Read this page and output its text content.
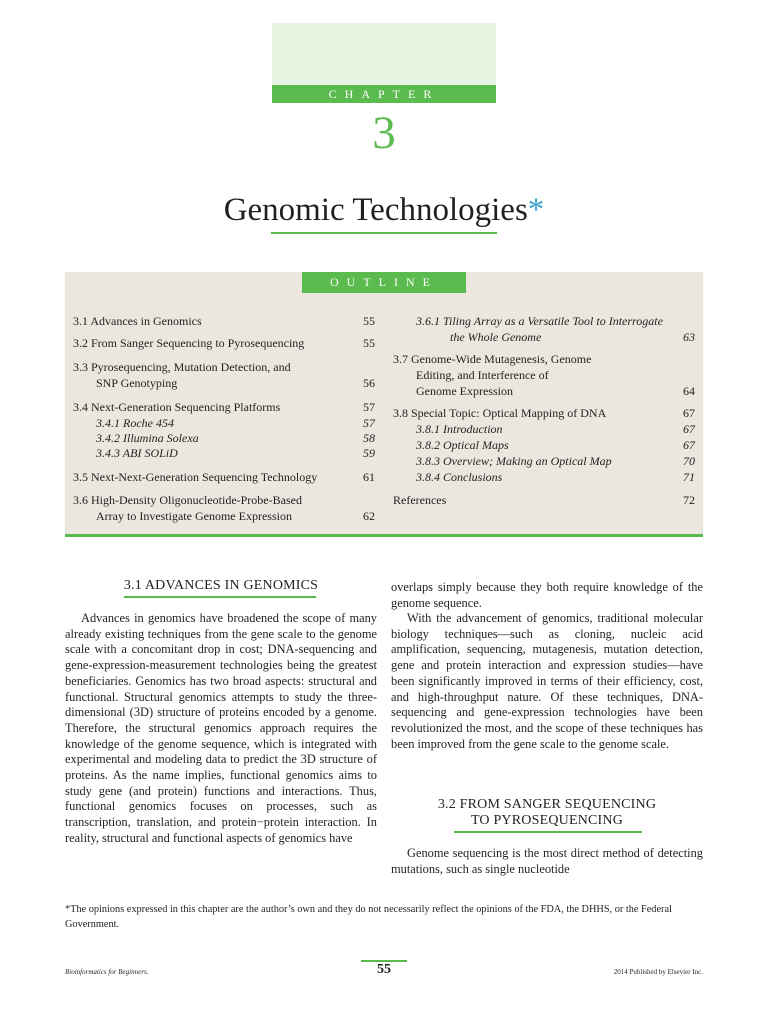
CHAPTER
3
Genomic Technologies*
OUTLINE
3.1 Advances in Genomics	55
3.2 From Sanger Sequencing to Pyrosequencing	55
3.3 Pyrosequencing, Mutation Detection, and
SNP Genotyping	56
3.4 Next-Generation Sequencing Platforms	57
3.4.1 Roche 454	57
3.4.2 Illumina Solexa	58
3.4.3 ABI SOLiD	59
3.5 Next-Next-Generation Sequencing Technology	61
3.6 High-Density Oligonucleotide-Probe-Based
Array to Investigate Genome Expression	62
3.6.1 Tiling Array as a Versatile Tool to Interrogate
the Whole Genome	63
3.7 Genome-Wide Mutagenesis, Genome
Editing, and Interference of
Genome Expression	64
3.8 Special Topic: Optical Mapping of DNA	67
3.8.1 Introduction	67
3.8.2 Optical Maps	67
3.8.3 Overview; Making an Optical Map	70
3.8.4 Conclusions	71
References	72
3.1 ADVANCES IN GENOMICS

Advances in genomics have broadened the scope of many already existing techniques from the gene scale to the genome scale with a concomitant drop in cost; DNA-sequencing and gene-expression-measurement technologies being the greatest beneficiaries. Genomics has two broad aspects: structural and functional. Structural genomics attempts to study the three-dimensional (3D) structure of proteins encoded by a genome. Therefore, the structural genomics approach requires the knowledge of the genome sequence, which is integrated with experimental and modeling data to predict the 3D structure of proteins. As the name implies, functional genomics aims to study gene (and protein) functions and interactions. Thus, functional genomics focuses on processes, such as transcription, translation, and protein−protein interaction. In reality, structural and functional aspects of genomics have

overlaps simply because they both require knowledge of the genome sequence.

With the advancement of genomics, traditional molecular biology techniques—such as cloning, nucleic acid amplification, sequencing, mutagenesis, mutation detection, gene and protein interaction and expression studies—have been significantly improved in terms of their efficiency, cost, and high-throughput nature. Of these techniques, DNA-sequencing and gene-expression technologies have been revolutionized the most, and the scope of these techniques has been improved from the gene scale to the genome scale.

3.2 FROM SANGER SEQUENCING
TO PYROSEQUENCING

Genome sequencing is the most direct method of detecting mutations, such as single nucleotide

*The opinions expressed in this chapter are the author’s own and they do not necessarily reflect the opinions of the FDA, the DHHS, or the Federal Government.
Bioinformatics for Beginners.	55	2014 Published by Elsevier Inc.
